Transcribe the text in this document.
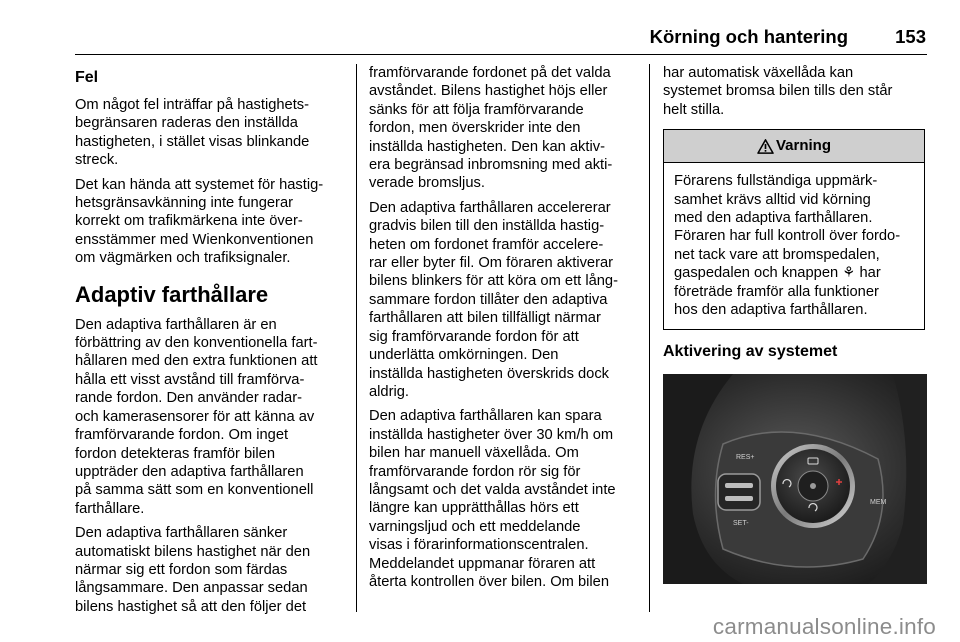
Körning och hantering	153
Fel

Om något fel inträffar på hastighets-
begränsaren raderas den inställda
hastigheten, i stället visas blinkande
streck.

Det kan hända att systemet för hastig-
hetsgränsavkänning inte fungerar
korrekt om trafikmärkena inte över-
ensstämmer med Wienkonventionen
om vägmärken och trafiksignaler.

Adaptiv farthållare

Den adaptiva farthållaren är en
förbättring av den konventionella fart-
hållaren med den extra funktionen att
hålla ett visst avstånd till framförva-
rande fordon. Den använder radar-
och kamerasensorer för att känna av
framförvarande fordon. Om inget
fordon detekteras framför bilen
uppträder den adaptiva farthållaren
på samma sätt som en konventionell
farthållare.

Den adaptiva farthållaren sänker
automatiskt bilens hastighet när den
närmar sig ett fordon som färdas
långsammare. Den anpassar sedan
bilens hastighet så att den följer det

framförvarande fordonet på det valda
avståndet. Bilens hastighet höjs eller
sänks för att följa framförvarande
fordon, men överskrider inte den
inställda hastigheten. Den kan aktiv-
era begränsad inbromsning med akti-
verade bromsljus.

Den adaptiva farthållaren accelererar
gradvis bilen till den inställda hastig-
heten om fordonet framför accelere-
rar eller byter fil. Om föraren aktiverar
bilens blinkers för att köra om ett lång-
sammare fordon tillåter den adaptiva
farthållaren att bilen tillfälligt närmar
sig framförvarande fordon för att
underlätta omkörningen. Den
inställda hastigheten överskrids dock
aldrig.

Den adaptiva farthållaren kan spara
inställda hastigheter över 30 km/h om
bilen har manuell växellåda. Om
framförvarande fordon rör sig för
långsamt och det valda avståndet inte
längre kan upprätthållas hörs ett
varningsljud och ett meddelande
visas i förarinformationscentralen.
Meddelandet uppmanar föraren att
återta kontrollen över bilen. Om bilen

har automatisk växellåda kan
systemet bromsa bilen tills den står
helt stilla.

Varning
Förarens fullständiga uppmärk-
samhet krävs alltid vid körning
med den adaptiva farthållaren.
Föraren har full kontroll över fordo-
net tack vare att bromspedalen,
gaspedalen och knappen ⚘ har
företräde framför alla funktioner
hos den adaptiva farthållaren.
Aktivering av systemet
RES+
SET-
MEM
carmanualsonline.info
